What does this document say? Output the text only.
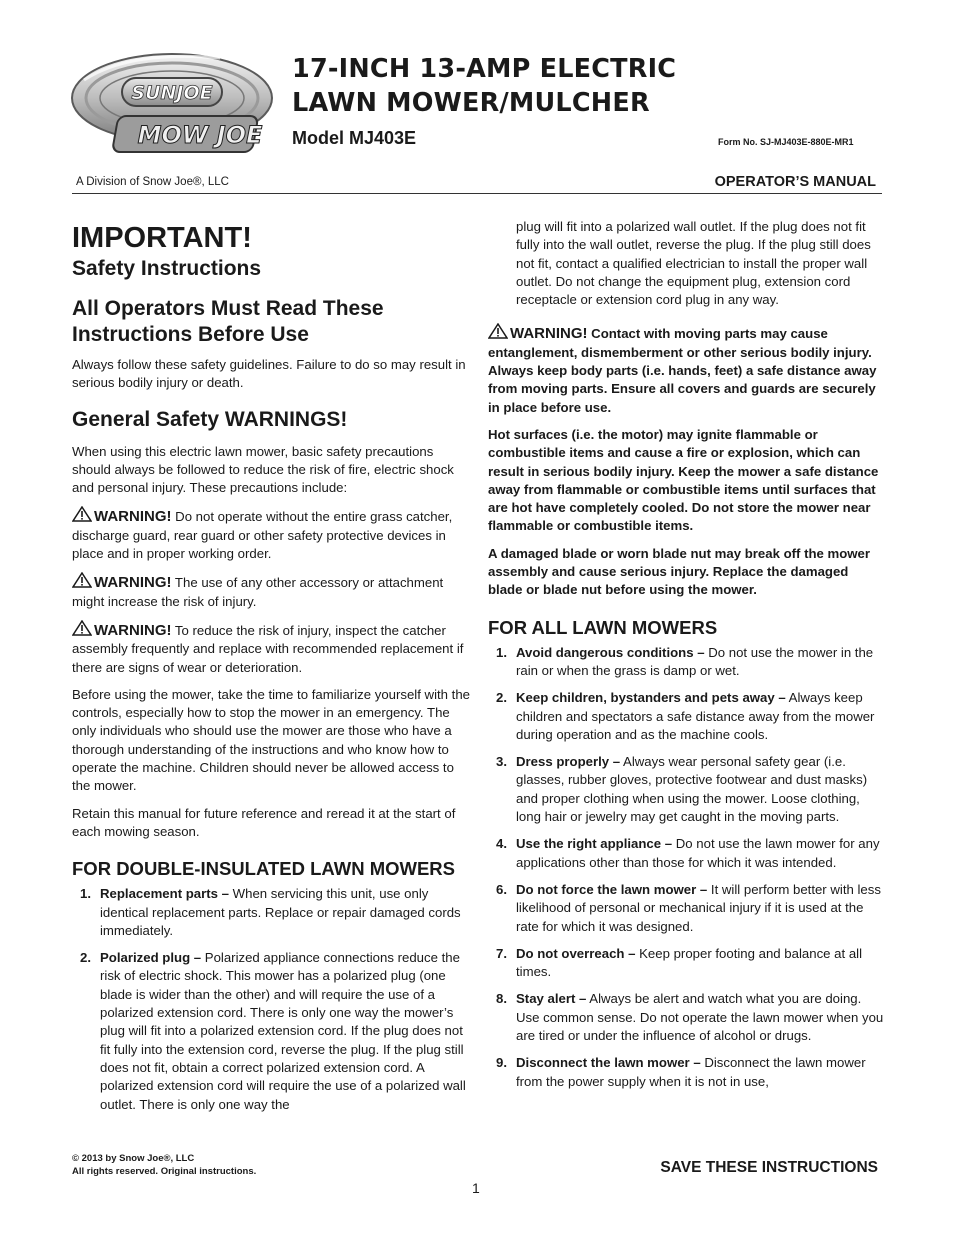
SUNJOE
MOW JOE
17-INCH 13-AMP ELECTRIC
LAWN MOWER/MULCHER
Model MJ403E	Form No. SJ-MJ403E-880E-MR1
A Division of Snow Joe®, LLC	OPERATOR’S MANUAL
IMPORTANT!
Safety Instructions
All Operators Must Read These Instructions Before Use

Always follow these safety guidelines. Failure to do so may result in serious bodily injury or death.

General Safety WARNINGS!

When using this electric lawn mower, basic safety precautions should always be followed to reduce the risk of fire, electric shock and personal injury. These precautions include:

WARNING! Do not operate without the entire grass catcher, discharge guard, rear guard or other safety protective devices in place and in proper working order.

WARNING! The use of any other accessory or attachment might increase the risk of injury.

WARNING! To reduce the risk of injury, inspect the catcher assembly frequently and replace with recommended replacement if there are signs of wear or deterioration.

Before using the mower, take the time to familiarize yourself with the controls, especially how to stop the mower in an emergency. The only individuals who should use the mower are those who have a thorough understanding of the instructions and who know how to operate the machine. Children should never be allowed access to the mower.

Retain this manual for future reference and reread it at the start of each mowing season.

FOR DOUBLE-INSULATED LAWN MOWERS
1. Replacement parts – When servicing this unit, use only identical replacement parts. Replace or repair damaged cords immediately.
2. Polarized plug – Polarized appliance connections reduce the risk of electric shock. This mower has a polarized plug (one blade is wider than the other) and will require the use of a polarized extension cord. There is only one way the mower’s plug will fit into a polarized extension cord. If the plug does not fit fully into the extension cord, reverse the plug. If the plug still does not fit, obtain a correct polarized extension cord. A polarized extension cord will require the use of a polarized wall outlet. There is only one way the

plug will fit into a polarized wall outlet. If the plug does not fit fully into the wall outlet, reverse the plug. If the plug still does not fit, contact a qualified electrician to install the proper wall outlet. Do not change the equipment plug, extension cord receptacle or extension cord plug in any way.

WARNING! Contact with moving parts may cause entanglement, dismemberment or other serious bodily injury. Always keep body parts (i.e. hands, feet) a safe distance away from moving parts. Ensure all covers and guards are securely in place before use.

Hot surfaces (i.e. the motor) may ignite flammable or combustible items and cause a fire or explosion, which can result in serious bodily injury. Keep the mower a safe distance away from flammable or combustible items until surfaces that are hot have completely cooled. Do not store the mower near flammable or combustible items.

A damaged blade or worn blade nut may break off the mower assembly and cause serious injury. Replace the damaged blade or blade nut before using the mower.

FOR ALL LAWN MOWERS
1. Avoid dangerous conditions – Do not use the mower in the rain or when the grass is damp or wet.
2. Keep children, bystanders and pets away – Always keep children and spectators a safe distance away from the mower during operation and as the machine cools.
3. Dress properly – Always wear personal safety gear (i.e. glasses, rubber gloves, protective footwear and dust masks) and proper clothing when using the mower. Loose clothing, long hair or jewelry may get caught in the moving parts.
4. Use the right appliance – Do not use the lawn mower for any applications other than those for which it was intended.
6. Do not force the lawn mower – It will perform better with less likelihood of personal or mechanical injury if it is used at the rate for which it was designed.
7. Do not overreach – Keep proper footing and balance at all times.
8. Stay alert – Always be alert and watch what you are doing. Use common sense. Do not operate the lawn mower when you are tired or under the influence of alcohol or drugs.
9. Disconnect the lawn mower – Disconnect the lawn mower from the power supply when it is not in use,
© 2013 by Snow Joe®, LLC
All rights reserved. Original instructions.	SAVE THESE INSTRUCTIONS
1
